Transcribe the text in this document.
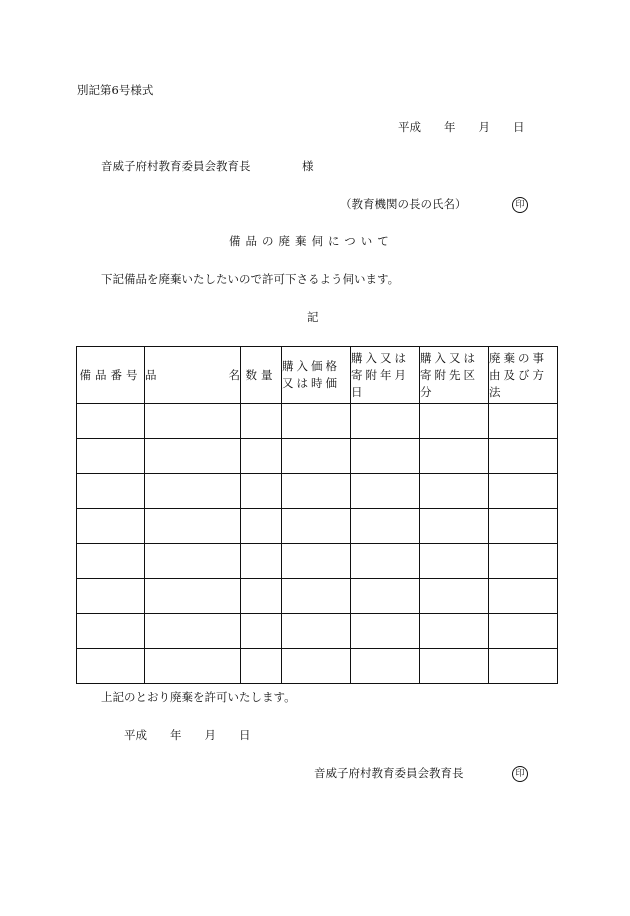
別記第6号様式
平成　　年　　月　　日
音威子府村教育委員会教育長	様
（教育機関の長の氏名）	印
備品の廃棄伺について
下記備品を廃棄いたしたいので許可下さるよう伺います。
記
備品番号	品 名	数量	購入価格又は時価	購入又は寄附年月日	購入又は寄附先区分	廃棄の事由及び方法

上記のとおり廃棄を許可いたします。
平成　　年　　月　　日
音威子府村教育委員会教育長	印
